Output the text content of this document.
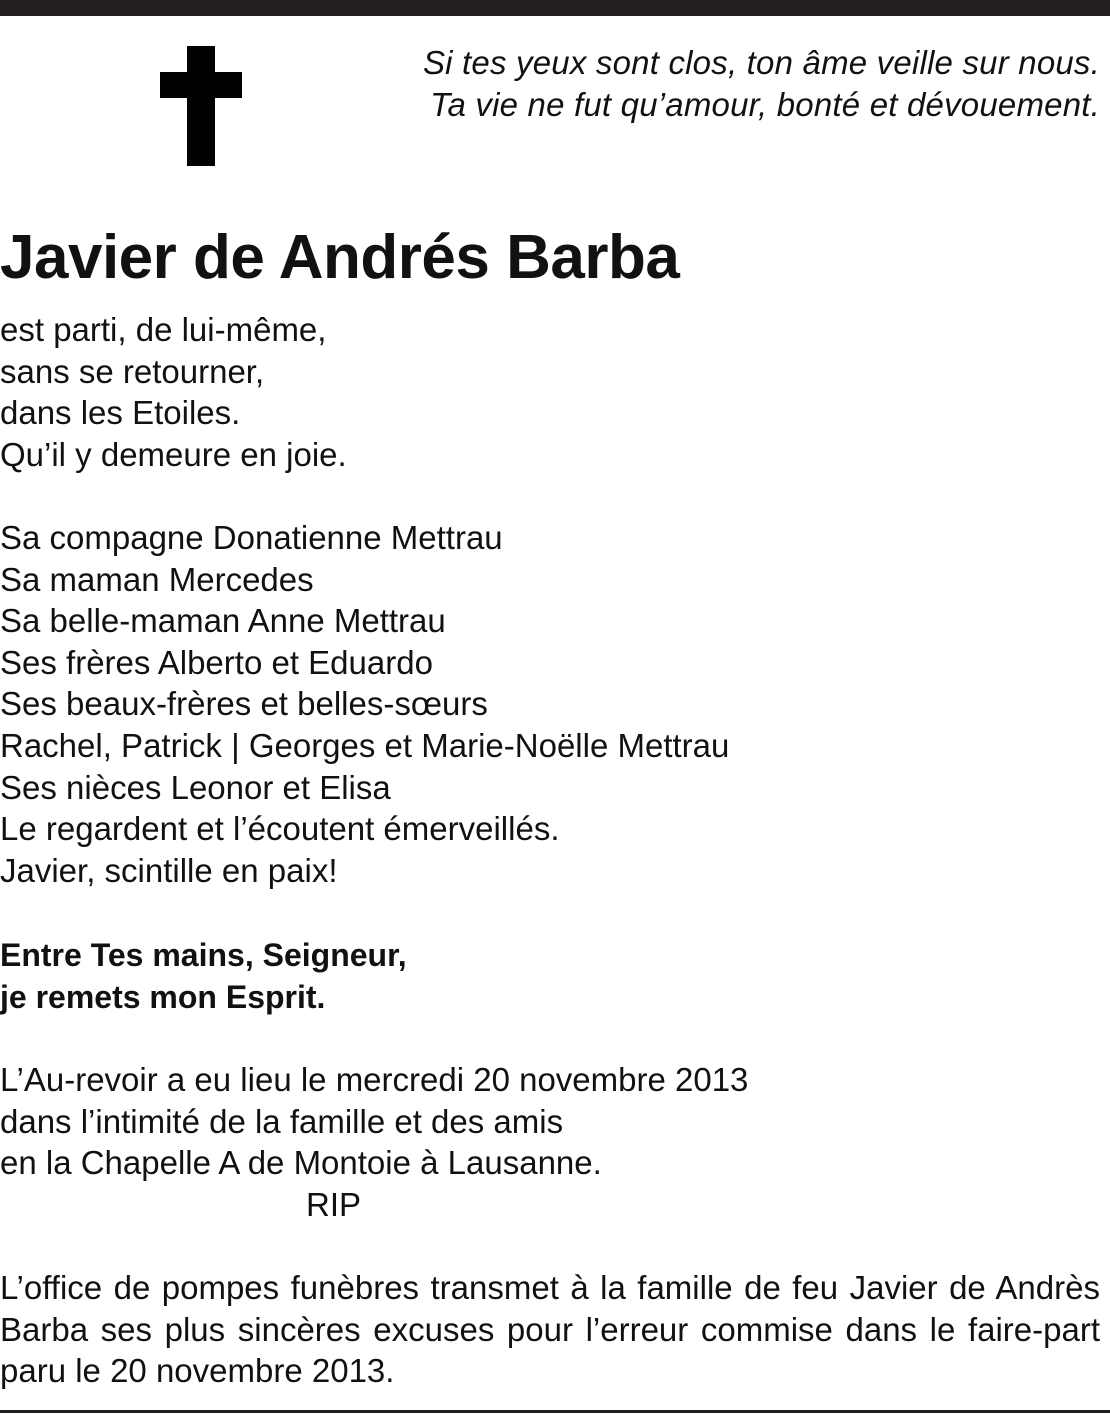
Si tes yeux sont clos, ton âme veille sur nous.
Ta vie ne fut qu’amour, bonté et dévouement.
Javier de Andrés Barba
est parti, de lui-même,
sans se retourner,
dans les Etoiles.
Qu’il y demeure en joie.
Sa compagne Donatienne Mettrau
Sa maman Mercedes
Sa belle-maman Anne Mettrau
Ses frères Alberto et Eduardo
Ses beaux-frères et belles-sœurs
Rachel, Patrick | Georges et Marie-Noëlle Mettrau
Ses nièces Leonor et Elisa
Le regardent et l’écoutent émerveillés.
Javier, scintille en paix!
Entre Tes mains, Seigneur,
je remets mon Esprit.
L’Au-revoir a eu lieu le mercredi 20 novembre 2013
dans l’intimité de la famille et des amis
en la Chapelle A de Montoie à Lausanne.
RIP
L’office de pompes funèbres transmet à la famille de feu Javier de Andrès
Barba ses plus sincères excuses pour l’erreur commise dans le faire-part
paru le 20 novembre 2013.
